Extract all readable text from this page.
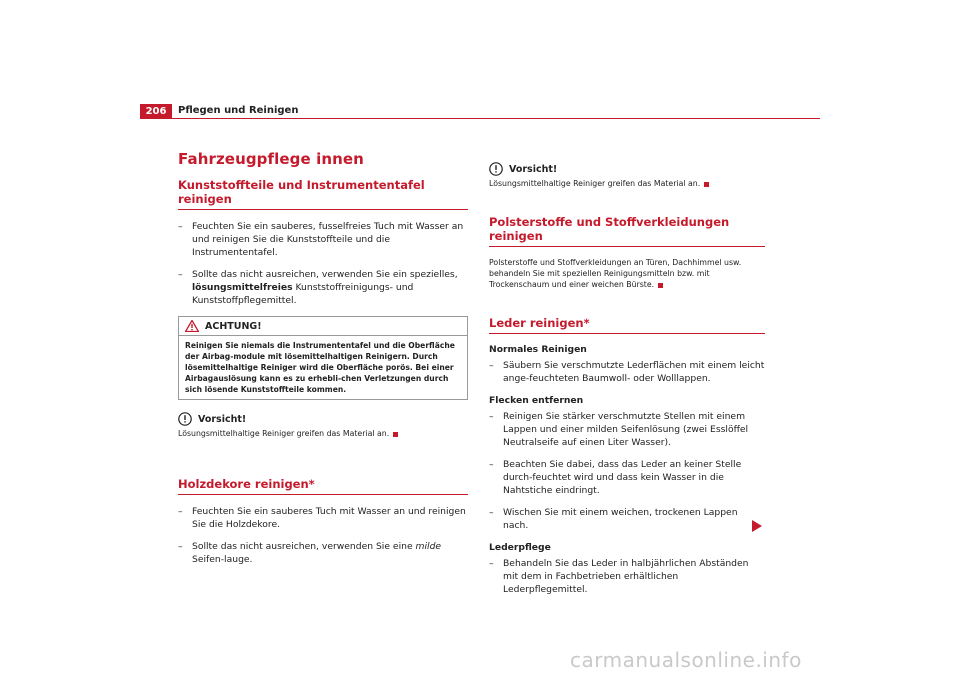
206	Pflegen und Reinigen
Fahrzeugpflege innen
Kunststoffteile und Instrumententafel reinigen
– Feuchten Sie ein sauberes, fusselfreies Tuch mit Wasser an und reinigen Sie die Kunststoffteile und die Instrumententafel.
– Sollte das nicht ausreichen, verwenden Sie ein spezielles, lösungsmittelfreies Kunststoffreinigungs- und Kunststoffpflegemittel.
ACHTUNG!
Reinigen Sie niemals die Instrumententafel und die Oberfläche der Airbag-module mit lösemittelhaltigen Reinigern. Durch lösemittelhaltige Reiniger wird die Oberfläche porös. Bei einer Airbagauslösung kann es zu erhebli-chen Verletzungen durch sich lösende Kunststoffteile kommen.
Vorsicht!

Lösungsmittelhaltige Reiniger greifen das Material an.

Holzdekore reinigen*
– Feuchten Sie ein sauberes Tuch mit Wasser an und reinigen Sie die Holzdekore.
– Sollte das nicht ausreichen, verwenden Sie eine milde Seifen-lauge.
Vorsicht!

Lösungsmittelhaltige Reiniger greifen das Material an.

Polsterstoffe und Stoffverkleidungen reinigen

Polsterstoffe und Stoffverkleidungen an Türen, Dachhimmel usw. behandeln Sie mit speziellen Reinigungsmitteln bzw. mit Trockenschaum und einer weichen Bürste.

Leder reinigen*
Normales Reinigen
– Säubern Sie verschmutzte Lederflächen mit einem leicht ange-feuchteten Baumwoll- oder Wolllappen.
Flecken entfernen
– Reinigen Sie stärker verschmutzte Stellen mit einem Lappen und einer milden Seifenlösung (zwei Esslöffel Neutralseife auf einen Liter Wasser).
– Beachten Sie dabei, dass das Leder an keiner Stelle durch-feuchtet wird und dass kein Wasser in die Nahtstiche eindringt.
– Wischen Sie mit einem weichen, trockenen Lappen nach.
Lederpflege
– Behandeln Sie das Leder in halbjährlichen Abständen mit dem in Fachbetrieben erhältlichen Lederpflegemittel.
carmanualsonline.info
